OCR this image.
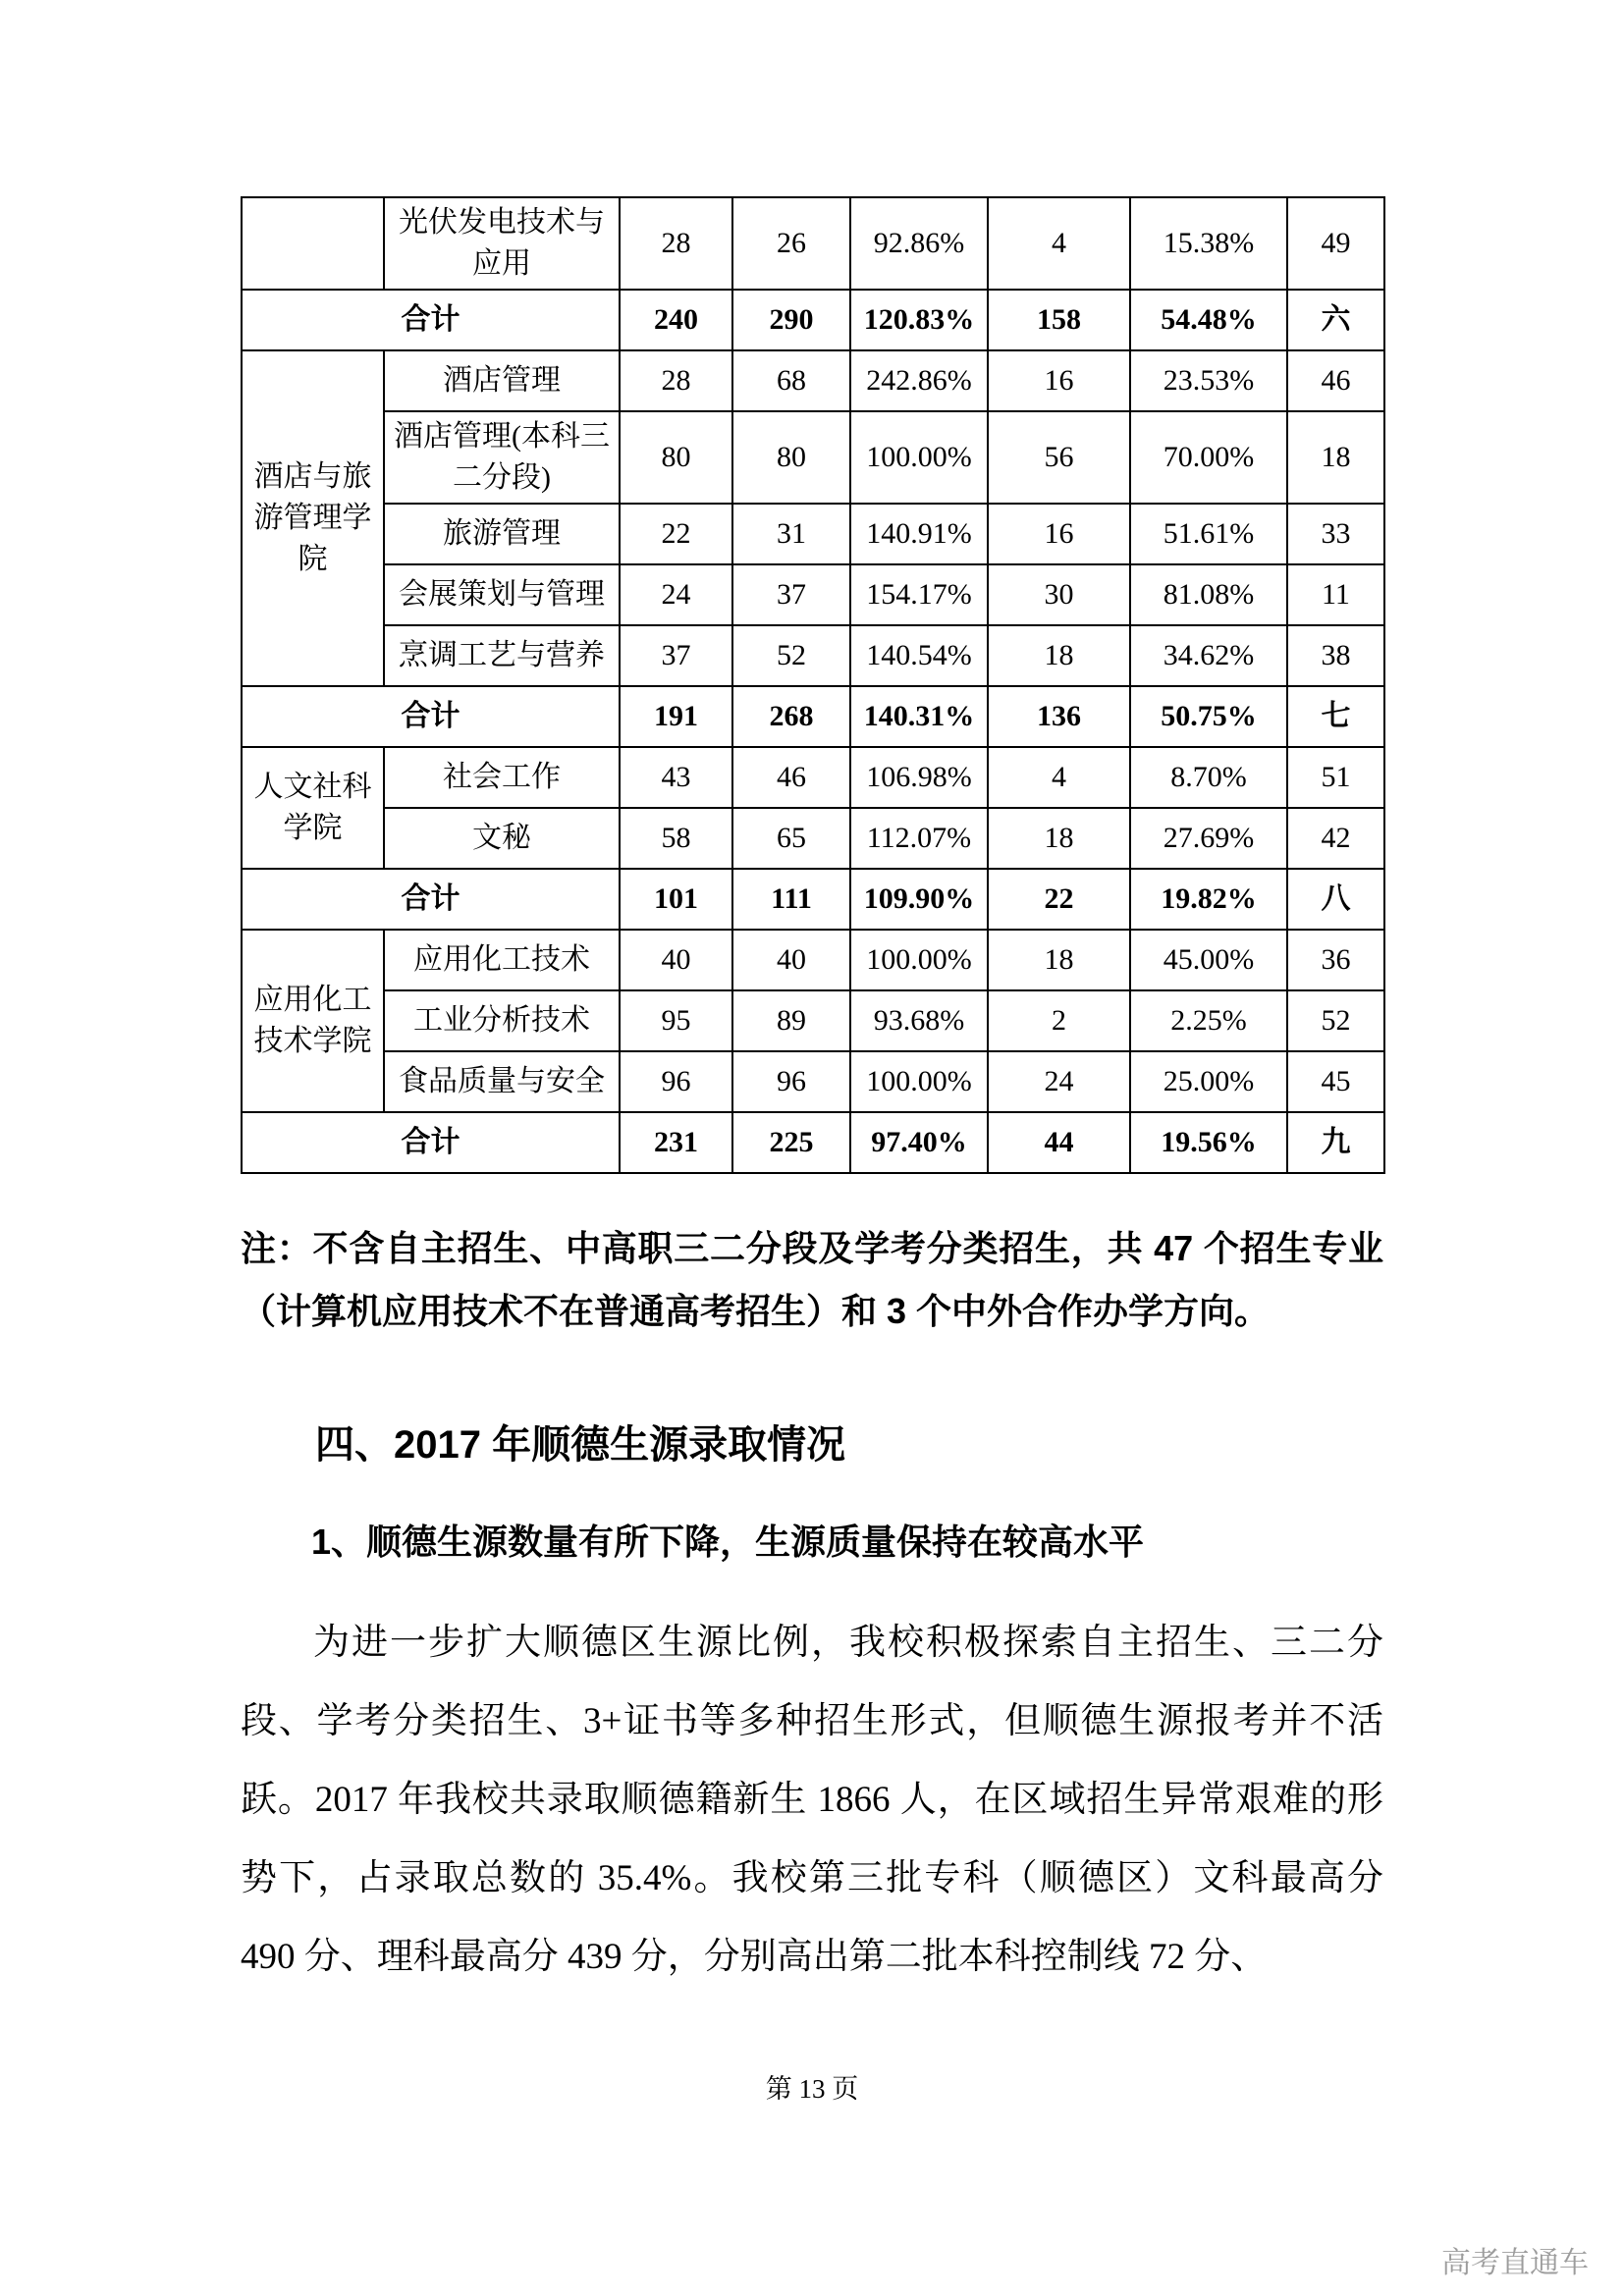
	光伏发电技术与应用	28	26	92.86%	4	15.38%	49
合计		240	290	120.83%	158	54.48%	六
酒店与旅游管理学院	酒店管理	28	68	242.86%	16	23.53%	46
	酒店管理(本科三二分段)	80	80	100.00%	56	70.00%	18
	旅游管理	22	31	140.91%	16	51.61%	33
	会展策划与管理	24	37	154.17%	30	81.08%	11
	烹调工艺与营养	37	52	140.54%	18	34.62%	38
合计		191	268	140.31%	136	50.75%	七
人文社科学院	社会工作	43	46	106.98%	4	8.70%	51
	文秘	58	65	112.07%	18	27.69%	42
合计		101	111	109.90%	22	19.82%	八
应用化工技术学院	应用化工技术	40	40	100.00%	18	45.00%	36
	工业分析技术	95	89	93.68%	2	2.25%	52
	食品质量与安全	96	96	100.00%	24	25.00%	45
合计		231	225	97.40%	44	19.56%	九

注：不含自主招生、中高职三二分段及学考分类招生，共 47 个招生专业（计算机应用技术不在普通高考招生）和 3 个中外合作办学方向。

四、2017 年顺德生源录取情况
1、顺德生源数量有所下降，生源质量保持在较高水平

为进一步扩大顺德区生源比例，我校积极探索自主招生、三二分段、学考分类招生、3+证书等多种招生形式，但顺德生源报考并不活跃。2017 年我校共录取顺德籍新生 1866 人，在区域招生异常艰难的形势下，占录取总数的 35.4%。我校第三批专科（顺德区）文科最高分 490 分、理科最高分 439 分，分别高出第二批本科控制线 72 分、

第 13 页
高考直通车
